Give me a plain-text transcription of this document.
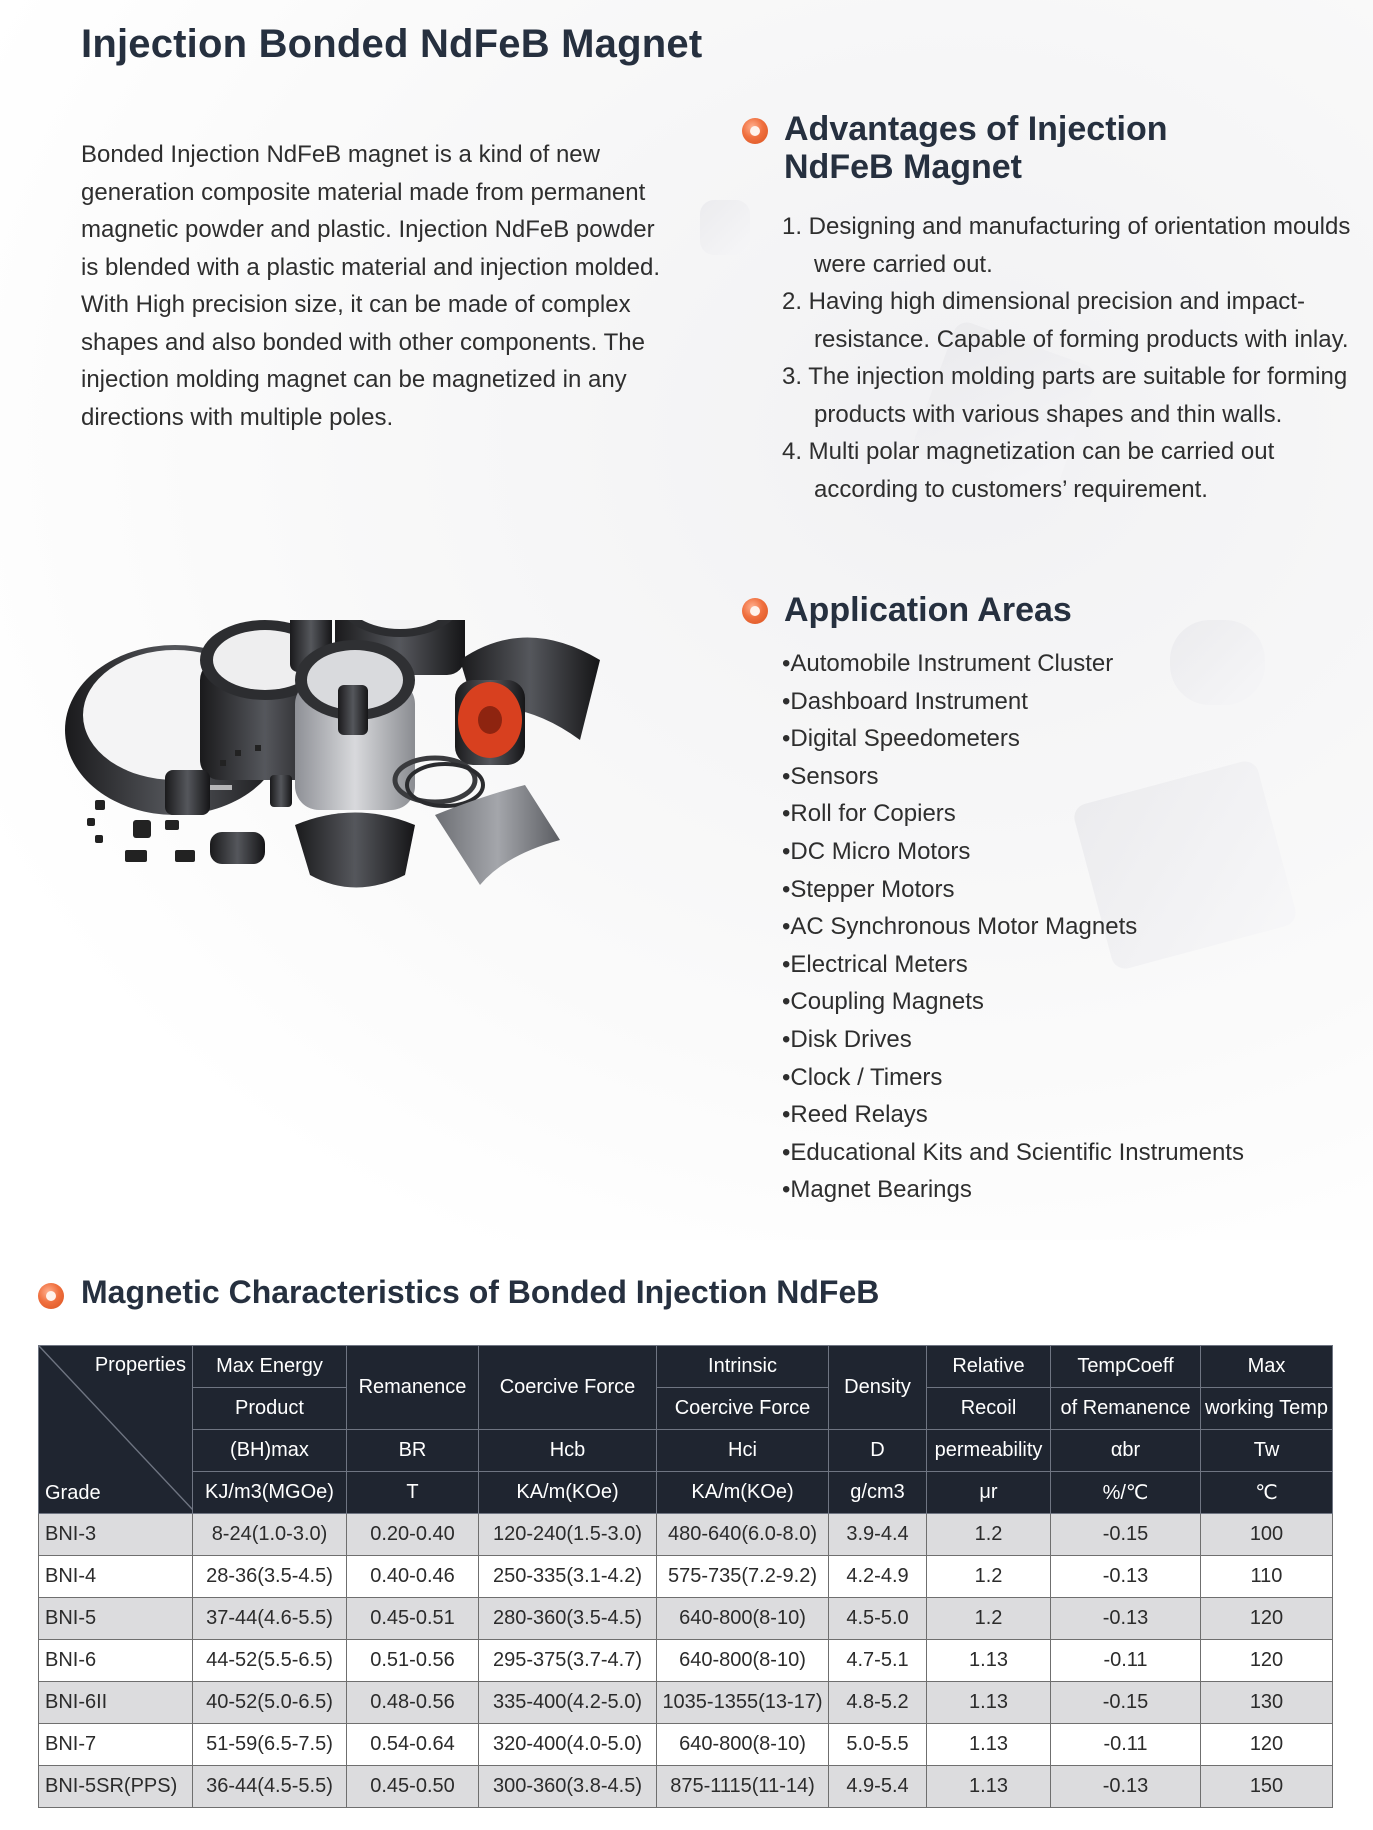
Injection Bonded NdFeB Magnet

Bonded Injection NdFeB magnet is a kind of new generation composite material made from permanent magnetic powder and plastic. Injection NdFeB powder is blended with a plastic material and injection molded. With High precision size, it can be made of complex shapes and also bonded with other components. The injection molding magnet can be magnetized in any directions with multiple poles.

Advantages of Injection
NdFeB Magnet
1. Designing and manufacturing of orientation moulds were carried out.
2. Having high dimensional precision and impact-resistance. Capable of forming products with inlay.
3. The injection molding parts are suitable for forming products with various shapes and thin walls.
4. Multi polar magnetization can be carried out according to customers’ requirement.
Application Areas
• Automobile Instrument Cluster
• Dashboard Instrument
• Digital Speedometers
• Sensors
• Roll for Copiers
• DC Micro Motors
• Stepper Motors
• AC Synchronous Motor Magnets
• Electrical Meters
• Coupling Magnets
• Disk Drives
• Clock / Timers
• Reed Relays
• Educational Kits and Scientific Instruments
• Magnet Bearings
Magnetic Characteristics of Bonded Injection NdFeB
Properties
Grade	Max Energy	Remanence	Coercive Force	Intrinsic	Density	Relative	TempCoeff	Max
	Product			Coercive Force		Recoil	of Remanence	working Temp
	(BH)max	BR	Hcb	Hci	D	permeability	αbr	Tw
	KJ/m3(MGOe)	T	KA/m(KOe)	KA/m(KOe)	g/cm3	μr	%/℃	℃
BNI-3	8-24(1.0-3.0)	0.20-0.40	120-240(1.5-3.0)	480-640(6.0-8.0)	3.9-4.4	1.2	-0.15	100
BNI-4	28-36(3.5-4.5)	0.40-0.46	250-335(3.1-4.2)	575-735(7.2-9.2)	4.2-4.9	1.2	-0.13	110
BNI-5	37-44(4.6-5.5)	0.45-0.51	280-360(3.5-4.5)	640-800(8-10)	4.5-5.0	1.2	-0.13	120
BNI-6	44-52(5.5-6.5)	0.51-0.56	295-375(3.7-4.7)	640-800(8-10)	4.7-5.1	1.13	-0.11	120
BNI-6II	40-52(5.0-6.5)	0.48-0.56	335-400(4.2-5.0)	1035-1355(13-17)	4.8-5.2	1.13	-0.15	130
BNI-7	51-59(6.5-7.5)	0.54-0.64	320-400(4.0-5.0)	640-800(8-10)	5.0-5.5	1.13	-0.11	120
BNI-5SR(PPS)	36-44(4.5-5.5)	0.45-0.50	300-360(3.8-4.5)	875-1115(11-14)	4.9-5.4	1.13	-0.13	150
